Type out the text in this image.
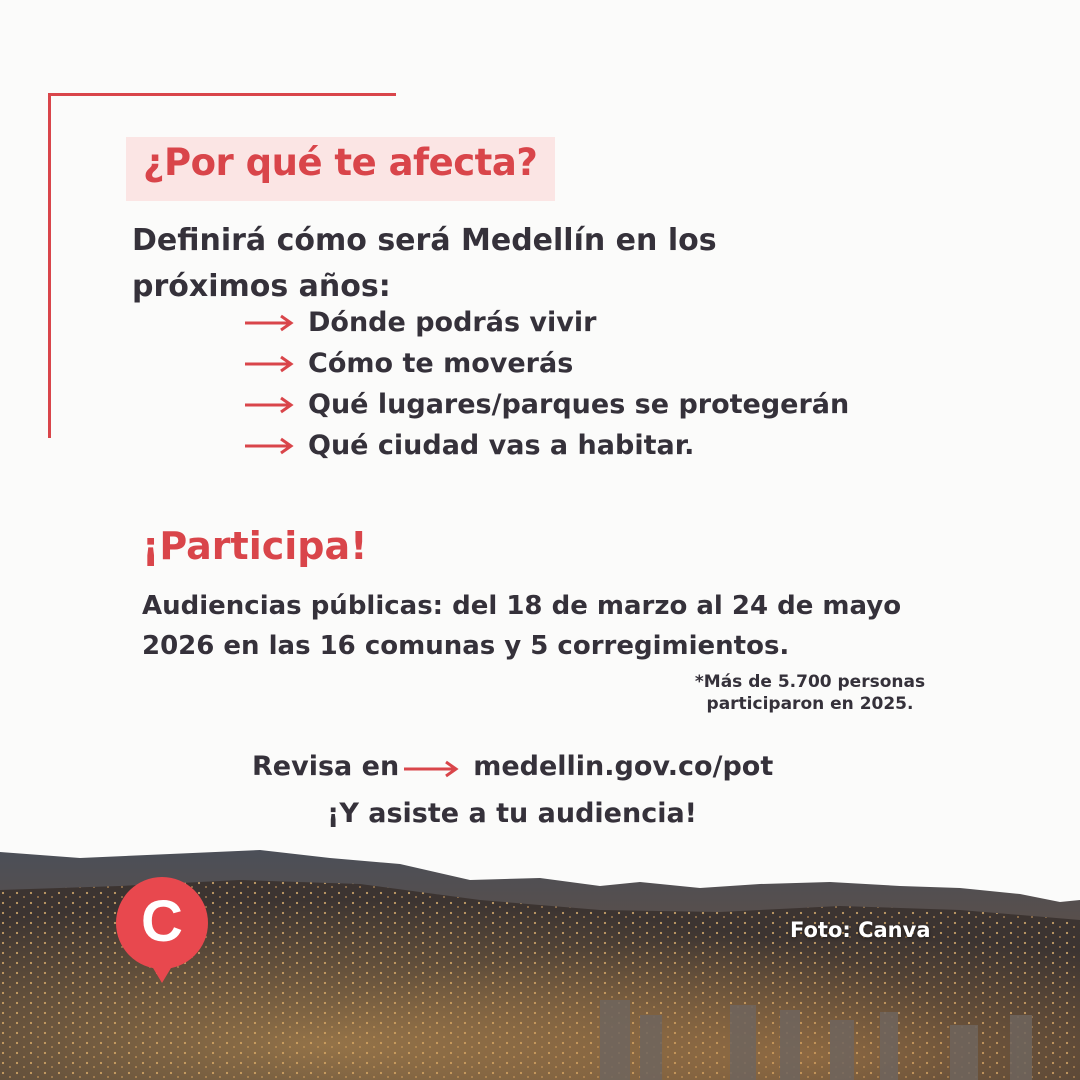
¿Por qué te afecta?
Definirá cómo será Medellín en los próximos años:
Dónde podrás vivir
Cómo te moverás
Qué lugares/parques se protegerán
Qué ciudad vas a habitar.
¡Participa!
Audiencias públicas: del 18 de marzo al 24 de mayo 2026 en las 16 comunas y 5 corregimientos.
*Más de 5.700 personas participaron en 2025.
Revisa en	medellin.gov.co/pot
¡Y asiste a tu audiencia!
C	Foto: Canva
